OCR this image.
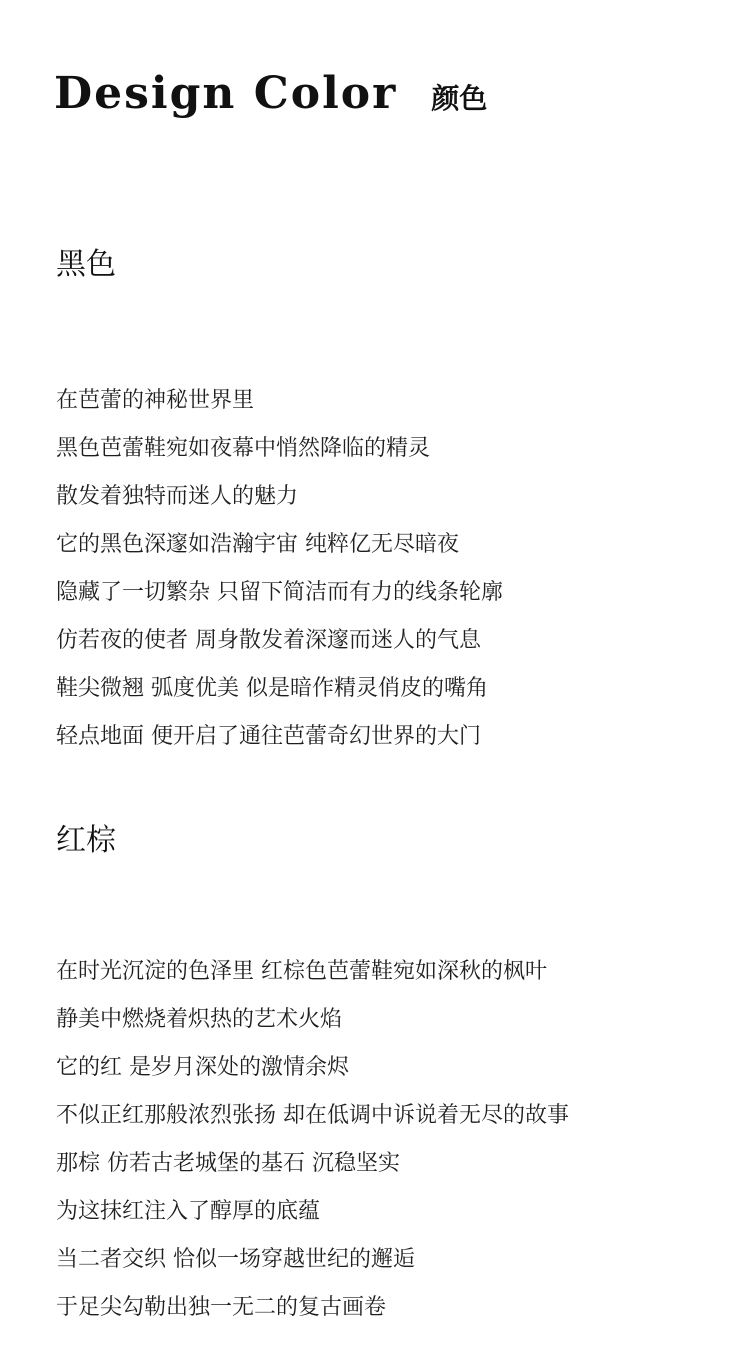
Design Color 颜色
黑色
在芭蕾的神秘世界里
黑色芭蕾鞋宛如夜幕中悄然降临的精灵
散发着独特而迷人的魅力
它的黑色深邃如浩瀚宇宙 纯粹亿无尽暗夜
隐藏了一切繁杂 只留下简洁而有力的线条轮廓
仿若夜的使者 周身散发着深邃而迷人的气息
鞋尖微翘 弧度优美 似是暗作精灵俏皮的嘴角
轻点地面 便开启了通往芭蕾奇幻世界的大门
红棕
在时光沉淀的色泽里 红棕色芭蕾鞋宛如深秋的枫叶
静美中燃烧着炽热的艺术火焰
它的红 是岁月深处的激情余烬
不似正红那般浓烈张扬 却在低调中诉说着无尽的故事
那棕 仿若古老城堡的基石 沉稳坚实
为这抹红注入了醇厚的底蕴
当二者交织 恰似一场穿越世纪的邂逅
于足尖勾勒出独一无二的复古画卷
